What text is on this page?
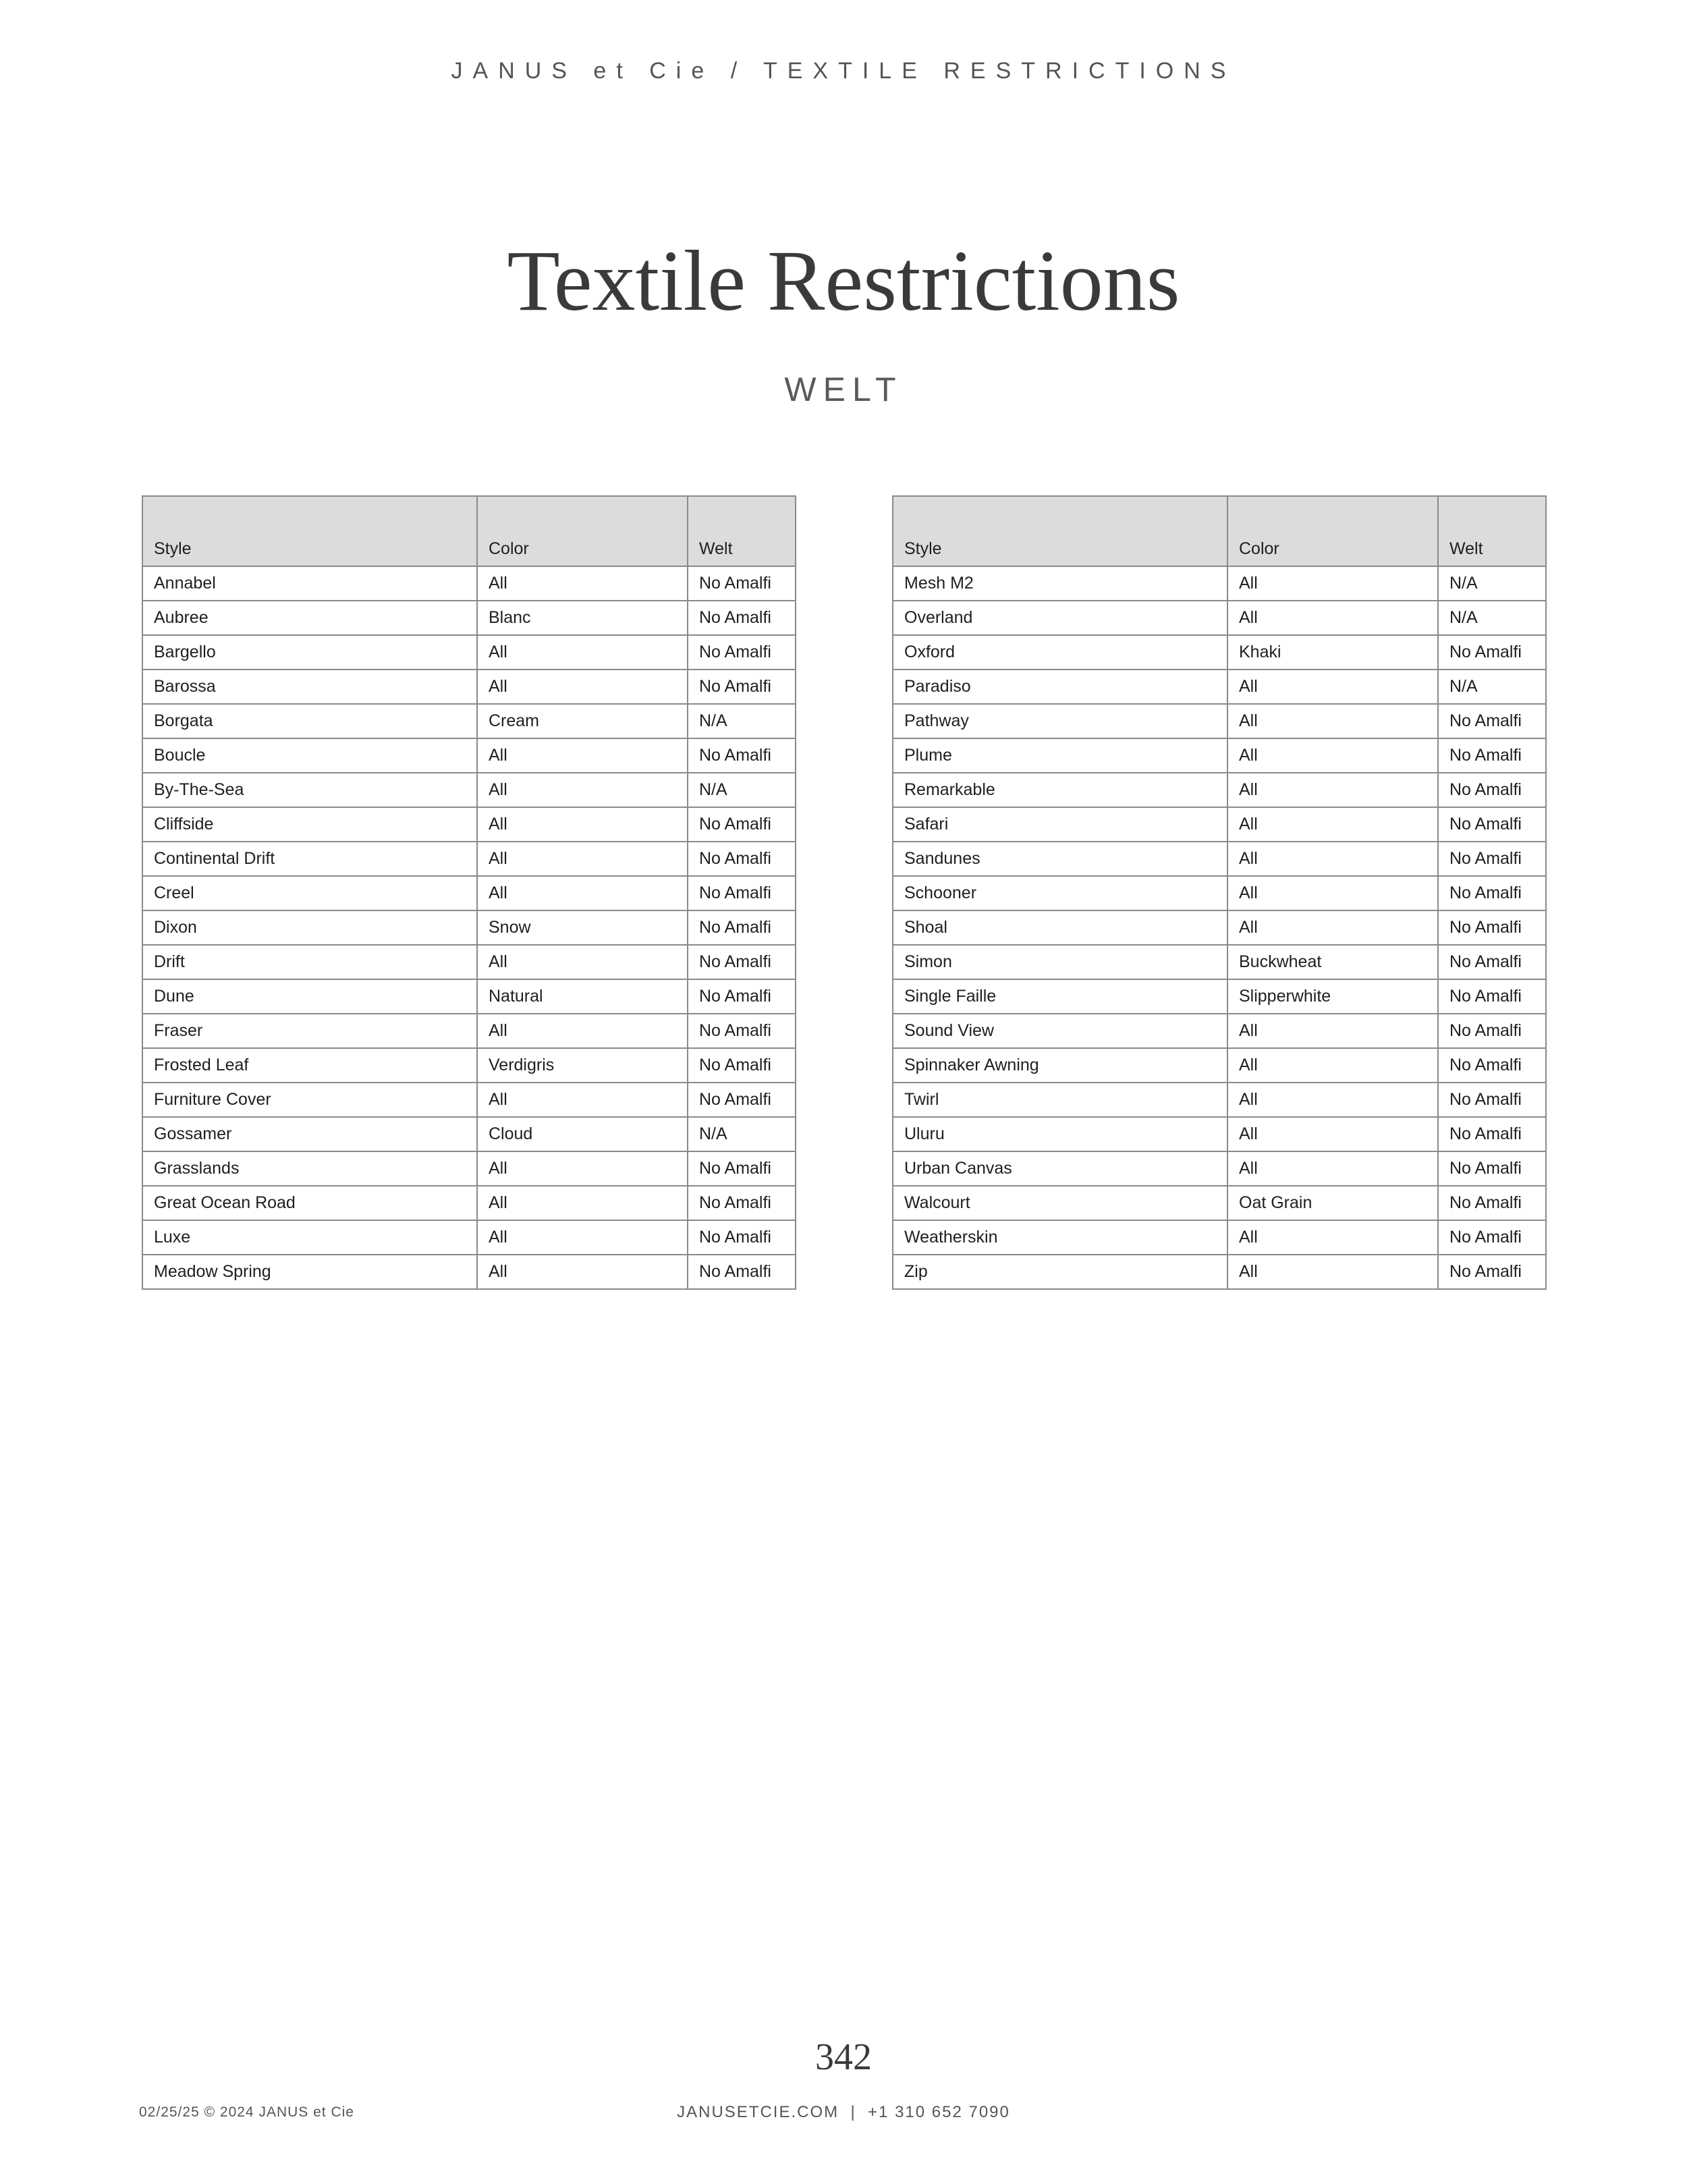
JANUS et Cie / TEXTILE RESTRICTIONS
Textile Restrictions
WELT
Style	Color	Welt
Annabel	All	No Amalfi
Aubree	Blanc	No Amalfi
Bargello	All	No Amalfi
Barossa	All	No Amalfi
Borgata	Cream	N/A
Boucle	All	No Amalfi
By-The-Sea	All	N/A
Cliffside	All	No Amalfi
Continental Drift	All	No Amalfi
Creel	All	No Amalfi
Dixon	Snow	No Amalfi
Drift	All	No Amalfi
Dune	Natural	No Amalfi
Fraser	All	No Amalfi
Frosted Leaf	Verdigris	No Amalfi
Furniture Cover	All	No Amalfi
Gossamer	Cloud	N/A
Grasslands	All	No Amalfi
Great Ocean Road	All	No Amalfi
Luxe	All	No Amalfi
Meadow Spring	All	No Amalfi
Style	Color	Welt
Mesh M2	All	N/A
Overland	All	N/A
Oxford	Khaki	No Amalfi
Paradiso	All	N/A
Pathway	All	No Amalfi
Plume	All	No Amalfi
Remarkable	All	No Amalfi
Safari	All	No Amalfi
Sandunes	All	No Amalfi
Schooner	All	No Amalfi
Shoal	All	No Amalfi
Simon	Buckwheat	No Amalfi
Single Faille	Slipperwhite	No Amalfi
Sound View	All	No Amalfi
Spinnaker Awning	All	No Amalfi
Twirl	All	No Amalfi
Uluru	All	No Amalfi
Urban Canvas	All	No Amalfi
Walcourt	Oat Grain	No Amalfi
Weatherskin	All	No Amalfi
Zip	All	No Amalfi
342
02/25/25 © 2024 JANUS et Cie	JANUSETCIE.COM  |  +1 310 652 7090
